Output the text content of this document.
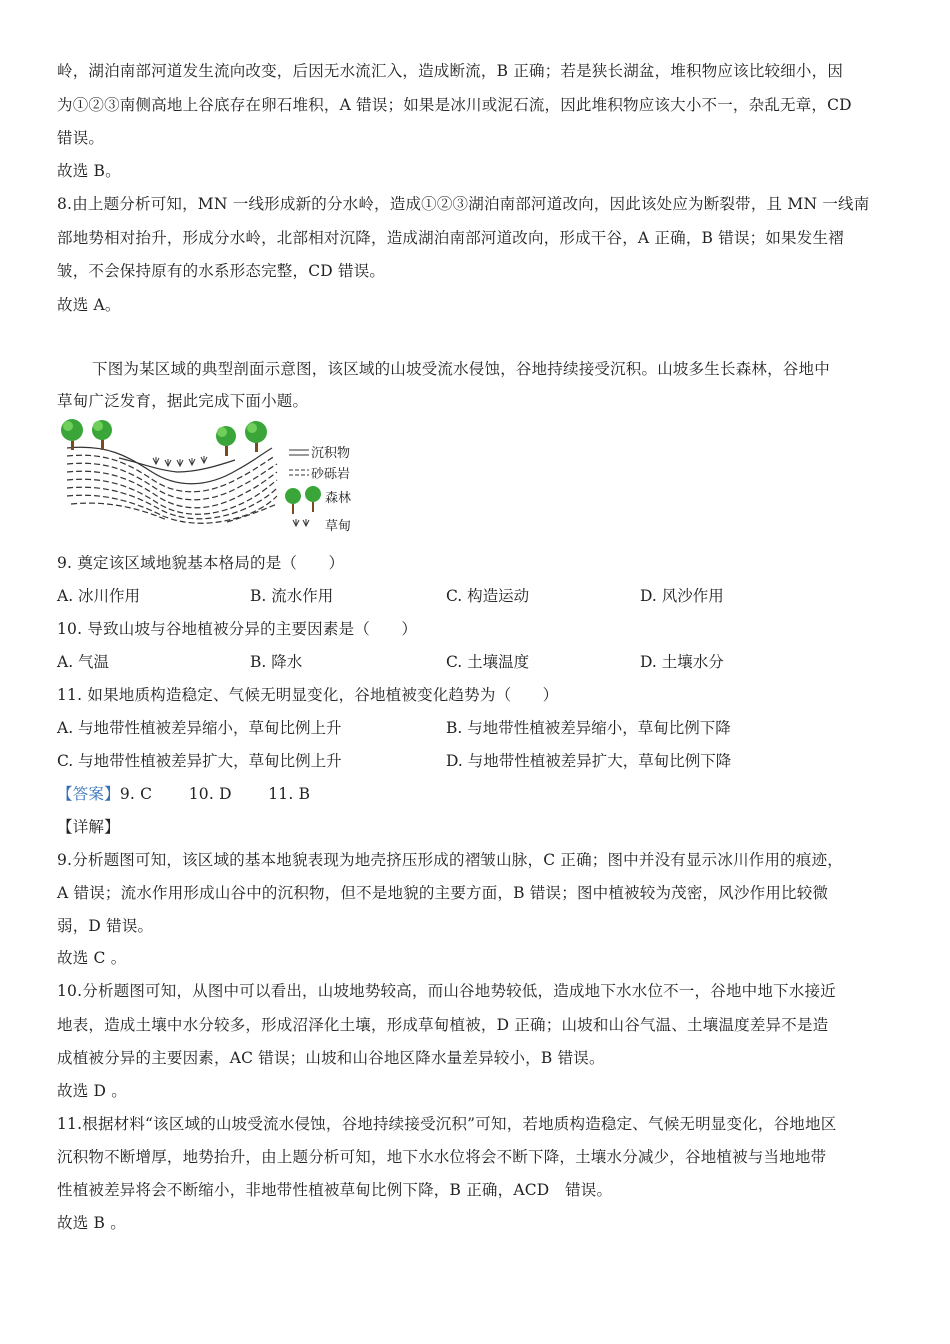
岭，湖泊南部河道发生流向改变，后因无水流汇入，造成断流，B 正确；若是狭长湖盆，堆积物应该比较细小，因
为①②③南侧高地上谷底存在卵石堆积，A 错误；如果是冰川或泥石流，因此堆积物应该大小不一，杂乱无章，CD
错误。
故选 B。
8.由上题分析可知，MN 一线形成新的分水岭，造成①②③湖泊南部河道改向，因此该处应为断裂带，且 MN 一线南
部地势相对抬升，形成分水岭，北部相对沉降，造成湖泊南部河道改向，形成干谷，A 正确，B 错误；如果发生褶
皱，不会保持原有的水系形态完整，CD 错误。
故选 A。
下图为某区域的典型剖面示意图，该区域的山坡受流水侵蚀，谷地持续接受沉积。山坡多生长森林，谷地中
草甸广泛发育，据此完成下面小题。
沉积物
砂砾岩
森林
草甸
9. 奠定该区域地貌基本格局的是（　　）
A. 冰川作用	B. 流水作用	C. 构造运动	D. 风沙作用
10. 导致山坡与谷地植被分异的主要因素是（　　）
A. 气温	B. 降水	C. 土壤温度	D. 土壤水分
11. 如果地质构造稳定、气候无明显变化，谷地植被变化趋势为（　　）
A. 与地带性植被差异缩小，草甸比例上升	B. 与地带性植被差异缩小，草甸比例下降
C. 与地带性植被差异扩大，草甸比例上升	D. 与地带性植被差异扩大，草甸比例下降
【答案】9. C　　 10. D　　 11. B
【详解】
9.分析题图可知，该区域的基本地貌表现为地壳挤压形成的褶皱山脉，C 正确；图中并没有显示冰川作用的痕迹，
A 错误；流水作用形成山谷中的沉积物，但不是地貌的主要方面，B 错误；图中植被较为茂密，风沙作用比较微
弱，D 错误。
故选 C 。
10.分析题图可知，从图中可以看出，山坡地势较高，而山谷地势较低，造成地下水水位不一，谷地中地下水接近
地表，造成土壤中水分较多，形成沼泽化土壤，形成草甸植被，D 正确；山坡和山谷气温、土壤温度差异不是造
成植被分异的主要因素，AC 错误；山坡和山谷地区降水量差异较小，B 错误。
故选 D 。
11.根据材料“该区域的山坡受流水侵蚀，谷地持续接受沉积”可知，若地质构造稳定、气候无明显变化，谷地地区
沉积物不断增厚，地势抬升，由上题分析可知，地下水水位将会不断下降，土壤水分减少，谷地植被与当地地带
性植被差异将会不断缩小，非地带性植被草甸比例下降，B 正确，ACD　错误。
故选 B 。
